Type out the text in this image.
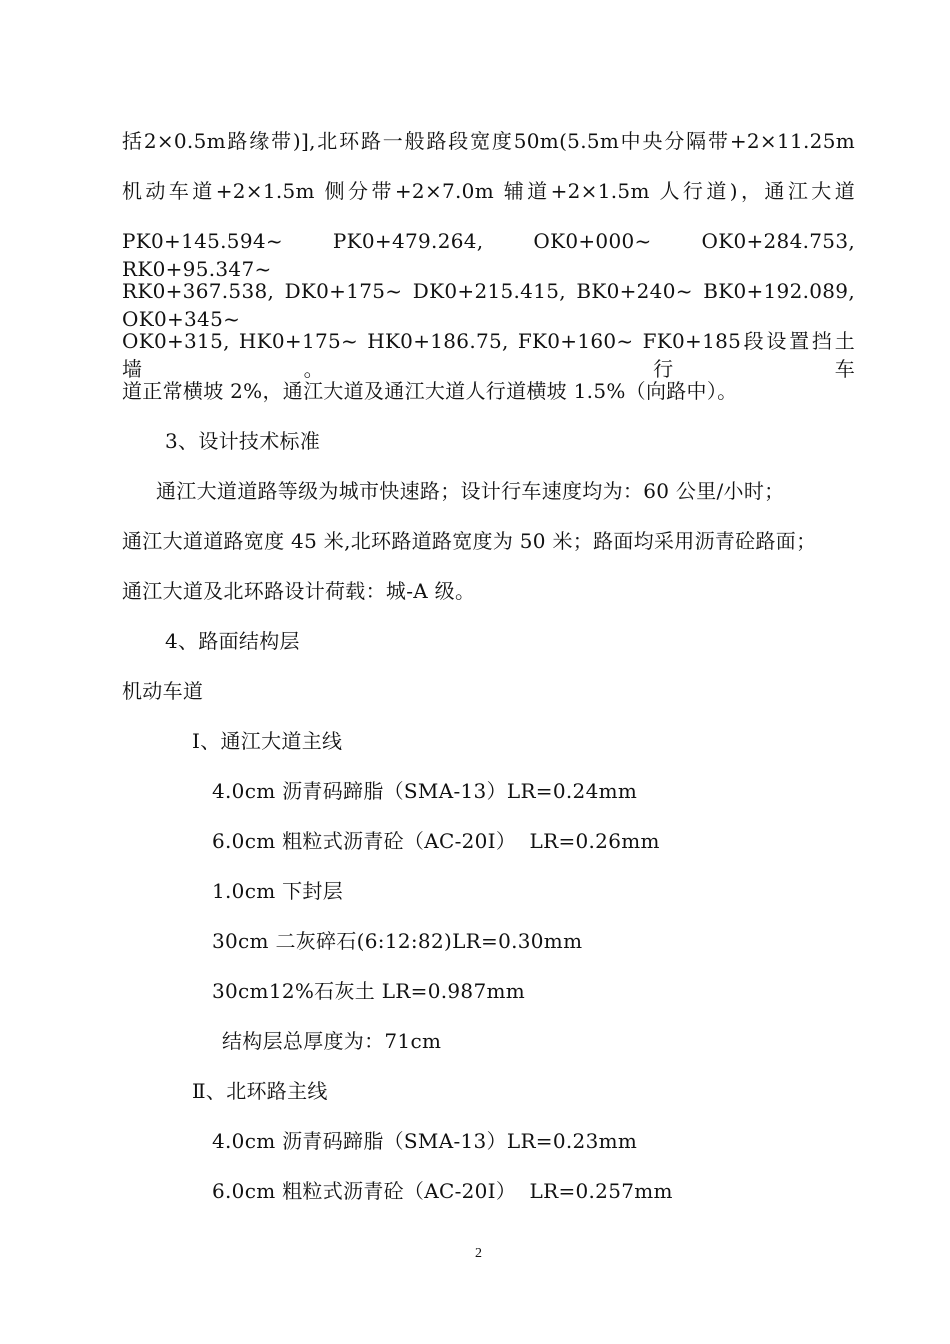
括2×0.5m路缘带)],北环路一般路段宽度50m(5.5m中央分隔带+2×11.25m
机动车道+2×1.5m 侧分带+2×7.0m 辅道+2×1.5m 人行道)，通江大道
PK0+145.594~ PK0+479.264, OK0+000~ OK0+284.753, RK0+95.347~
RK0+367.538, DK0+175~ DK0+215.415, BK0+240~ BK0+192.089, OK0+345~
OK0+315, HK0+175~ HK0+186.75, FK0+160~ FK0+185段设置挡土墙。 行车
道正常横坡 2%，通江大道及通江大道人行道横坡 1.5%（向路中）。
3、设计技术标准
通江大道道路等级为城市快速路；设计行车速度均为：60 公里/小时；
通江大道道路宽度 45 米,北环路道路宽度为 50 米；路面均采用沥青砼路面；
通江大道及北环路设计荷载：城-A 级。
4、路面结构层
机动车道
Ⅰ、通江大道主线
4.0cm 沥青码蹄脂（SMA-13）LR=0.24mm
6.0cm 粗粒式沥青砼（AC-20I）  LR=0.26mm
1.0cm 下封层
30cm 二灰碎石(6:12:82)LR=0.30mm
30cm12%石灰土 LR=0.987mm
结构层总厚度为：71cm
Ⅱ、北环路主线
4.0cm 沥青码蹄脂（SMA-13）LR=0.23mm
6.0cm 粗粒式沥青砼（AC-20I）  LR=0.257mm
2
